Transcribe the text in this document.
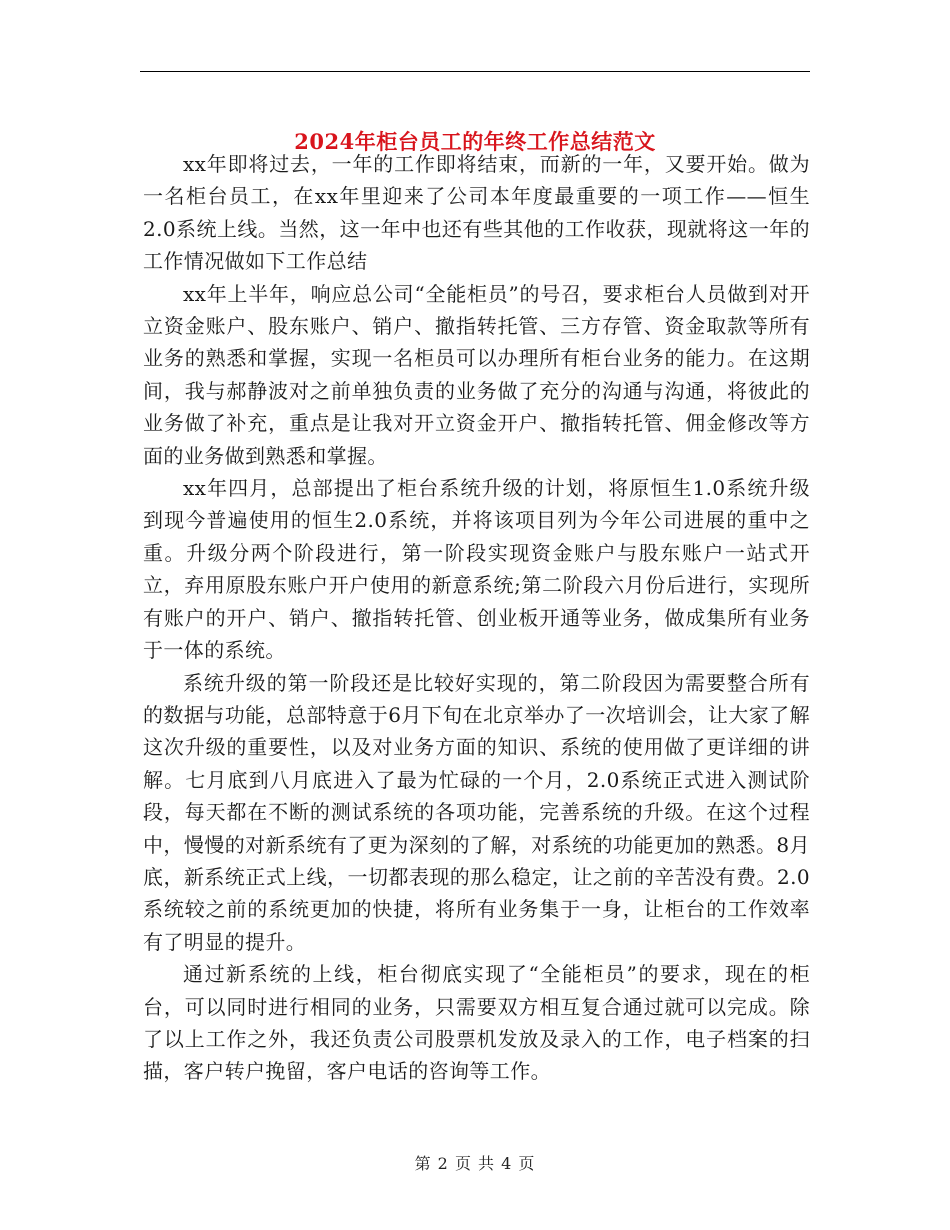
2024年柜台员工的年终工作总结范文

xx年即将过去，一年的工作即将结束，而新的一年，又要开始。做为一名柜台员工，在xx年里迎来了公司本年度最重要的一项工作——恒生2.0系统上线。当然，这一年中也还有些其他的工作收获，现就将这一年的工作情况做如下工作总结

xx年上半年，响应总公司“全能柜员”的号召，要求柜台人员做到对开立资金账户、股东账户、销户、撤指转托管、三方存管、资金取款等所有业务的熟悉和掌握，实现一名柜员可以办理所有柜台业务的能力。在这期间，我与郝静波对之前单独负责的业务做了充分的沟通与沟通，将彼此的业务做了补充，重点是让我对开立资金开户、撤指转托管、佣金修改等方面的业务做到熟悉和掌握。

xx年四月，总部提出了柜台系统升级的计划，将原恒生1.0系统升级到现今普遍使用的恒生2.0系统，并将该项目列为今年公司进展的重中之重。升级分两个阶段进行，第一阶段实现资金账户与股东账户一站式开立，弃用原股东账户开户使用的新意系统;第二阶段六月份后进行，实现所有账户的开户、销户、撤指转托管、创业板开通等业务，做成集所有业务于一体的系统。

系统升级的第一阶段还是比较好实现的，第二阶段因为需要整合所有的数据与功能，总部特意于6月下旬在北京举办了一次培训会，让大家了解这次升级的重要性，以及对业务方面的知识、系统的使用做了更详细的讲解。七月底到八月底进入了最为忙碌的一个月，2.0系统正式进入测试阶段，每天都在不断的测试系统的各项功能，完善系统的升级。在这个过程中，慢慢的对新系统有了更为深刻的了解，对系统的功能更加的熟悉。8月底，新系统正式上线，一切都表现的那么稳定，让之前的辛苦没有费。2.0系统较之前的系统更加的快捷，将所有业务集于一身，让柜台的工作效率有了明显的提升。

通过新系统的上线，柜台彻底实现了“全能柜员”的要求，现在的柜台，可以同时进行相同的业务，只需要双方相互复合通过就可以完成。除了以上工作之外，我还负责公司股票机发放及录入的工作，电子档案的扫描，客户转户挽留，客户电话的咨询等工作。

第 2 页 共 4 页
